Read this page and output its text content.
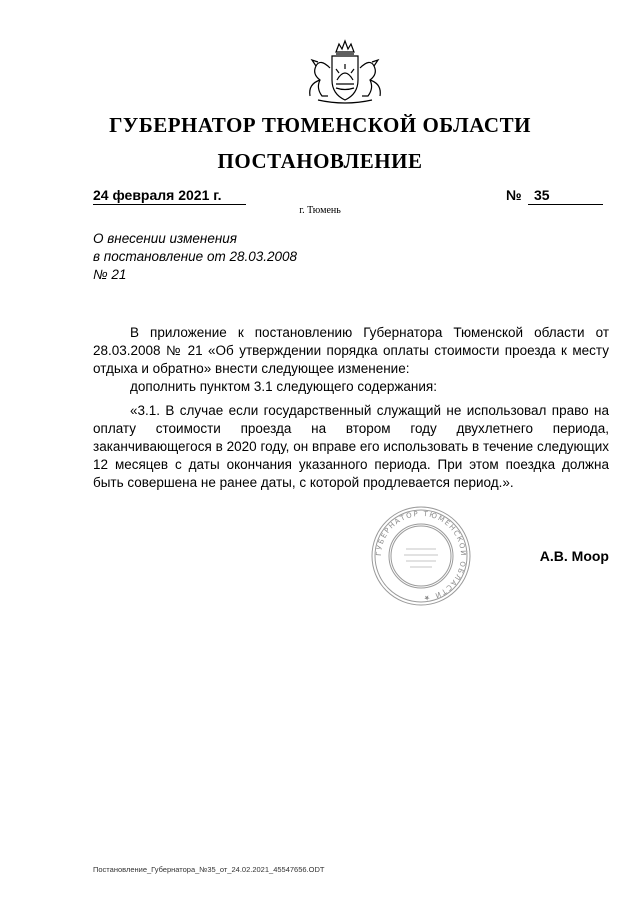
ГУБЕРНАТОР ТЮМЕНСКОЙ ОБЛАСТИ
ПОСТАНОВЛЕНИЕ
24 февраля 2021 г.	№ 35
г. Тюмень
О внесении изменения
в постановление от 28.03.2008
№ 21
В приложение к постановлению Губернатора Тюменской области от 28.03.2008 № 21 «Об утверждении порядка оплаты стоимости проезда к месту отдыха и обратно» внести следующее изменение:
дополнить пунктом 3.1 следующего содержания:
«3.1. В случае если государственный служащий не использовал право на оплату стоимости проезда на втором году двухлетнего периода, заканчивающегося в 2020 году, он вправе его использовать в течение следующих 12 месяцев с даты окончания указанного периода. При этом поездка должна быть совершена не ранее даты, с которой продлевается период.».
ГУБЕРНАТОР ТЮМЕНСКОЙ ОБЛАСТИ ★
А.В. Моор
Постановление_Губернатора_№35_от_24.02.2021_45547656.ODT
